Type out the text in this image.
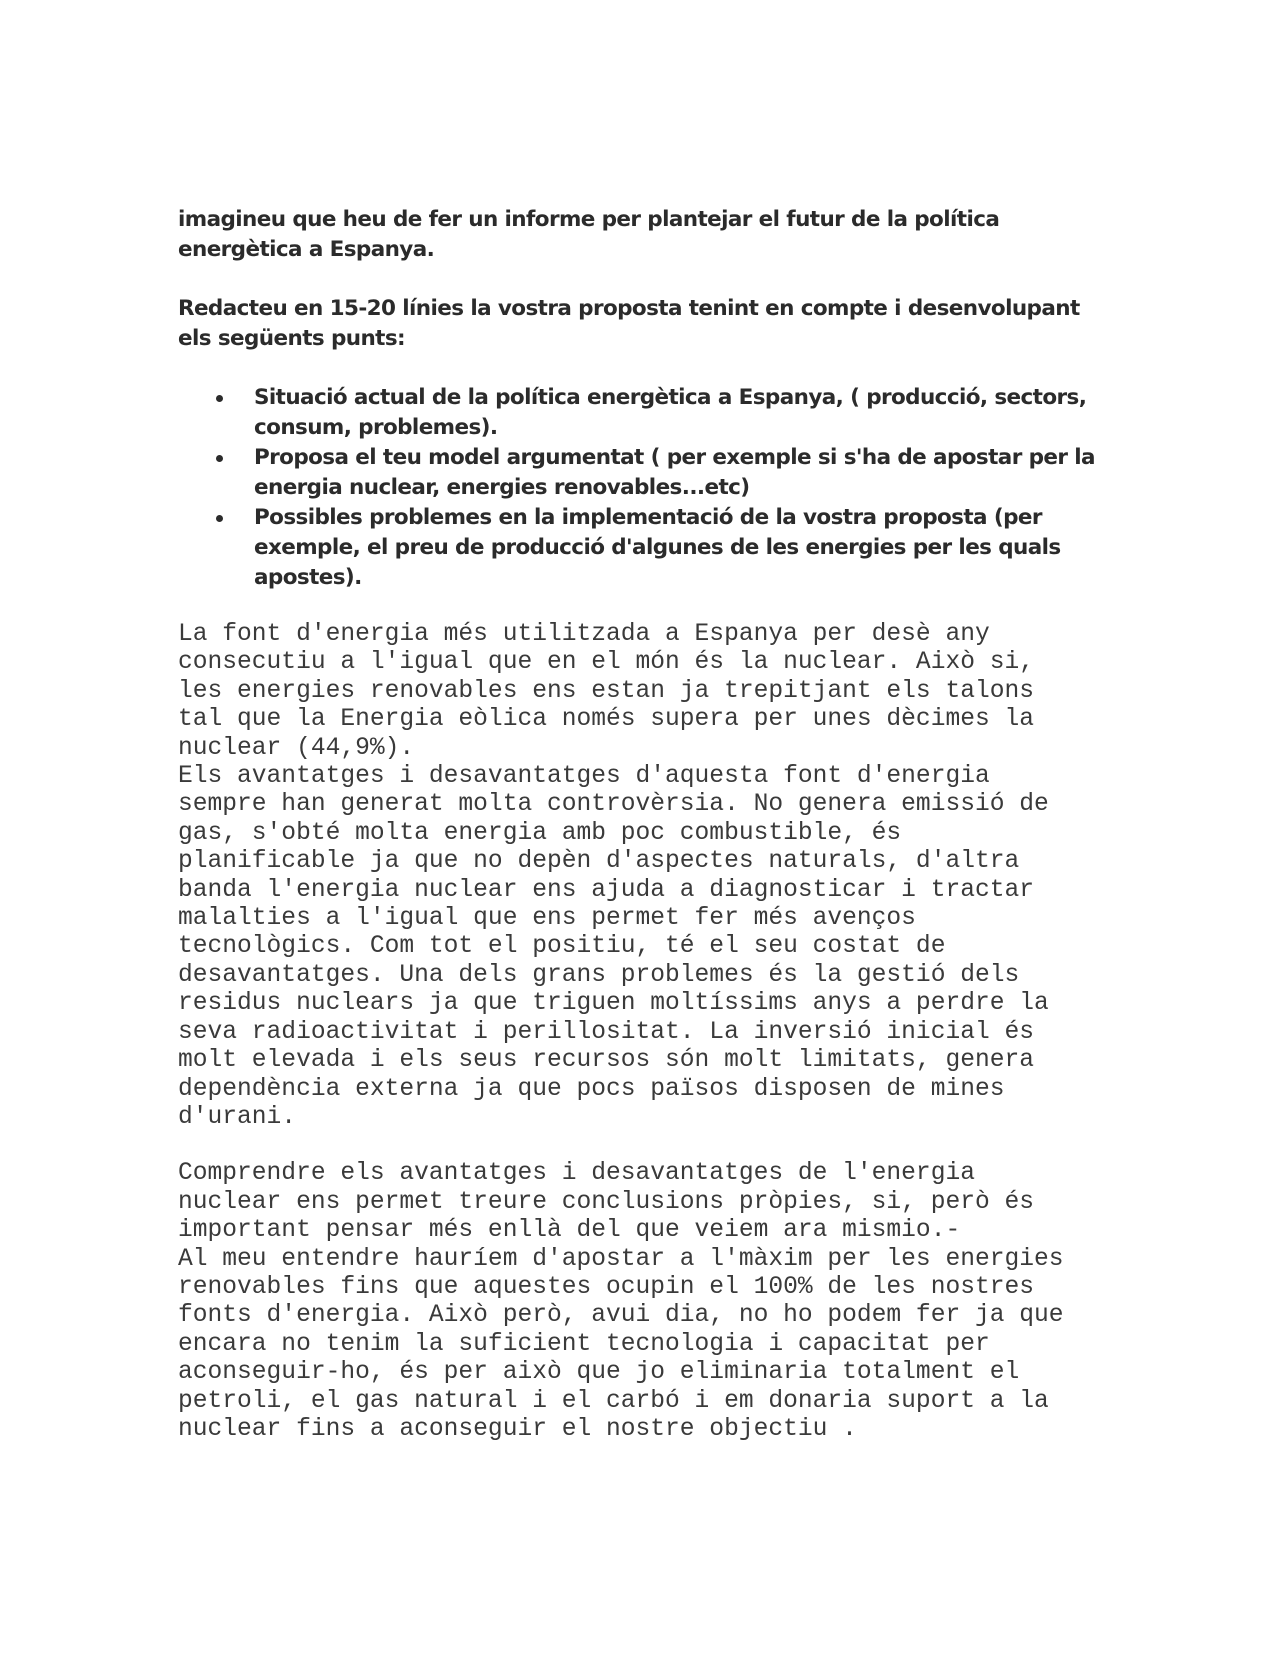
imagineu que heu de fer un informe per plantejar el futur de la política energètica a Espanya.

Redacteu en 15-20 línies la vostra proposta tenint en compte i desenvolupant els següents punts:

Situació actual de la política energètica a Espanya, ( producció, sectors, consum, problemes).
Proposa el teu model argumentat ( per exemple si s'ha de apostar per la energia nuclear, energies renovables...etc)
Possibles problemes en la implementació de la vostra proposta (per exemple, el preu de producció d'algunes de les energies per les quals apostes).
La font d'energia més utilitzada a Espanya per desè any
consecutiu a l'igual que en el món és la nuclear. Això si,
les energies renovables ens estan ja trepitjant els talons
tal que la Energia eòlica només supera per unes dècimes la
nuclear (44,9%).
Els avantatges i desavantatges d'aquesta font d'energia
sempre han generat molta controvèrsia. No genera emissió de
gas, s'obté molta energia amb poc combustible, és
planificable ja que no depèn d'aspectes naturals, d'altra
banda l'energia nuclear ens ajuda a diagnosticar i tractar
malalties a l'igual que ens permet fer més avenços
tecnològics. Com tot el positiu, té el seu costat de
desavantatges. Una dels grans problemes és la gestió dels
residus nuclears ja que triguen moltíssims anys a perdre la
seva radioactivitat i perillositat. La inversió inicial és
molt elevada i els seus recursos són molt limitats, genera
dependència externa ja que pocs països disposen de mines
d'urani.
Comprendre els avantatges i desavantatges de l'energia
nuclear ens permet treure conclusions pròpies, si, però és
important pensar més enllà del que veiem ara mismio.-
Al meu entendre hauríem d'apostar a l'màxim per les energies
renovables fins que aquestes ocupin el 100% de les nostres
fonts d'energia. Això però, avui dia, no ho podem fer ja que
encara no tenim la suficient tecnologia i capacitat per
aconseguir-ho, és per això que jo eliminaria totalment el
petroli, el gas natural i el carbó i em donaria suport a la
nuclear fins a aconseguir el nostre objectiu .
